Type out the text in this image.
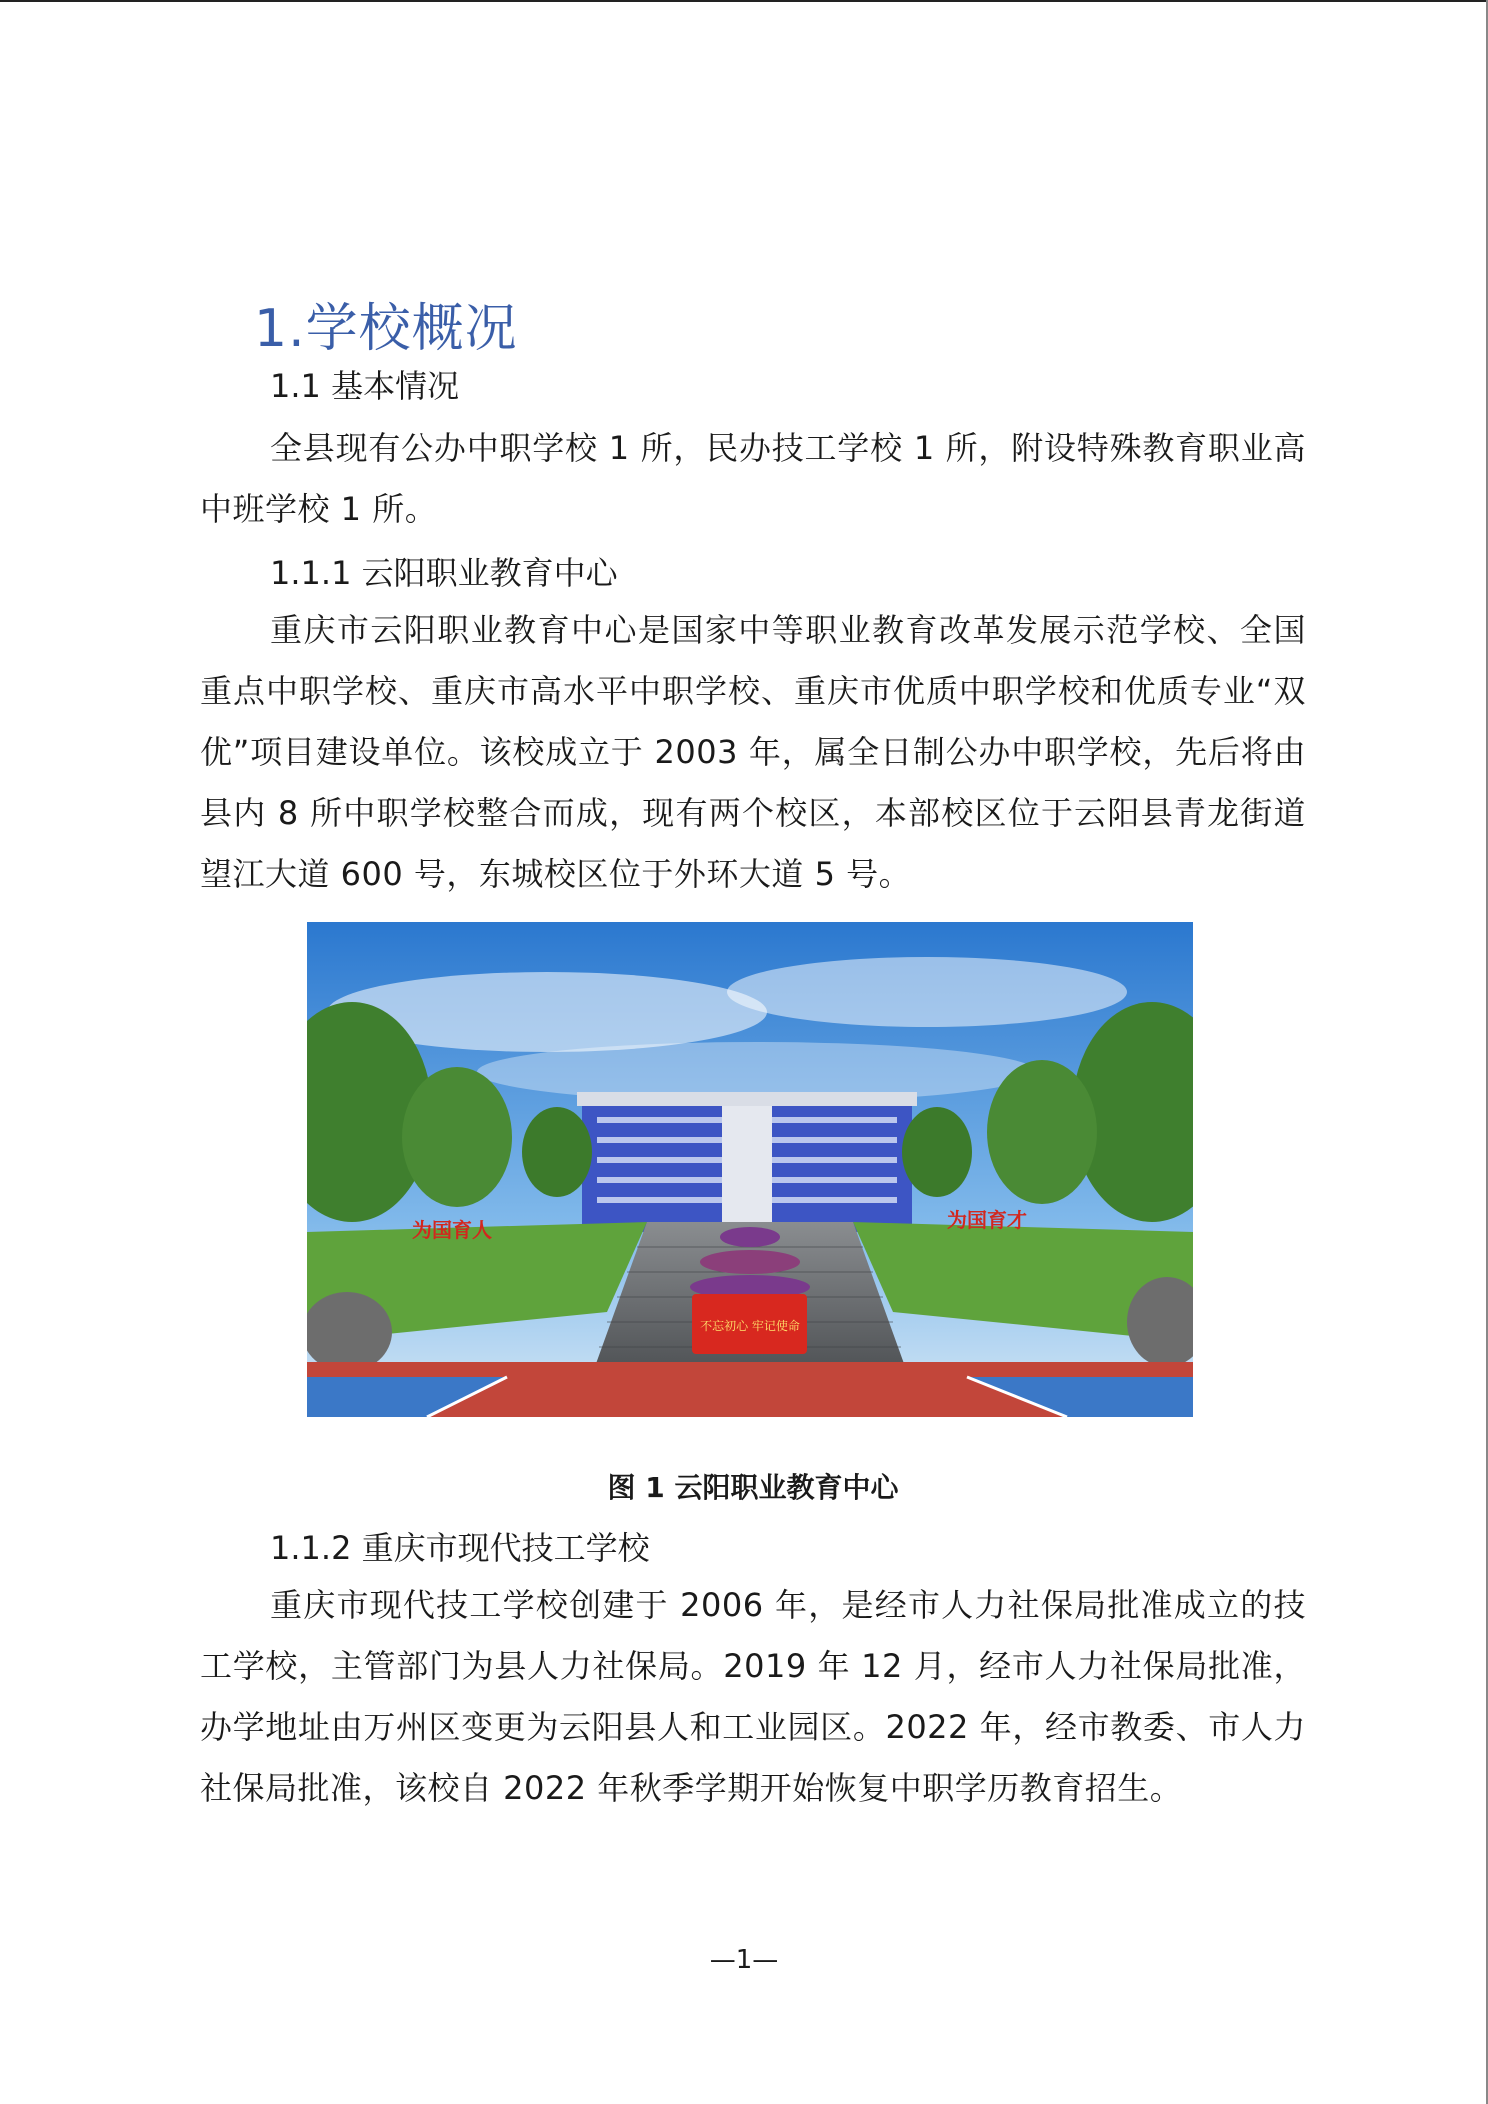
1.学校概况

1.1 基本情况

全县现有公办中职学校 1 所，民办技工学校 1 所，附设特殊教育职业高中班学校 1 所。

1.1.1 云阳职业教育中心

重庆市云阳职业教育中心是国家中等职业教育改革发展示范学校、全国重点中职学校、重庆市高水平中职学校、重庆市优质中职学校和优质专业“双优”项目建设单位。该校成立于 2003 年，属全日制公办中职学校，先后将由县内 8 所中职学校整合而成，现有两个校区，本部校区位于云阳县青龙街道望江大道 600 号，东城校区位于外环大道 5 号。

不忘初心 牢记使命
为国育人	为国育才

图 1 云阳职业教育中心

1.1.2 重庆市现代技工学校

重庆市现代技工学校创建于 2006 年，是经市人力社保局批准成立的技工学校，主管部门为县人力社保局。2019 年 12 月，经市人力社保局批准，办学地址由万州区变更为云阳县人和工业园区。2022 年，经市教委、市人力社保局批准，该校自 2022 年秋季学期开始恢复中职学历教育招生。

—1—
